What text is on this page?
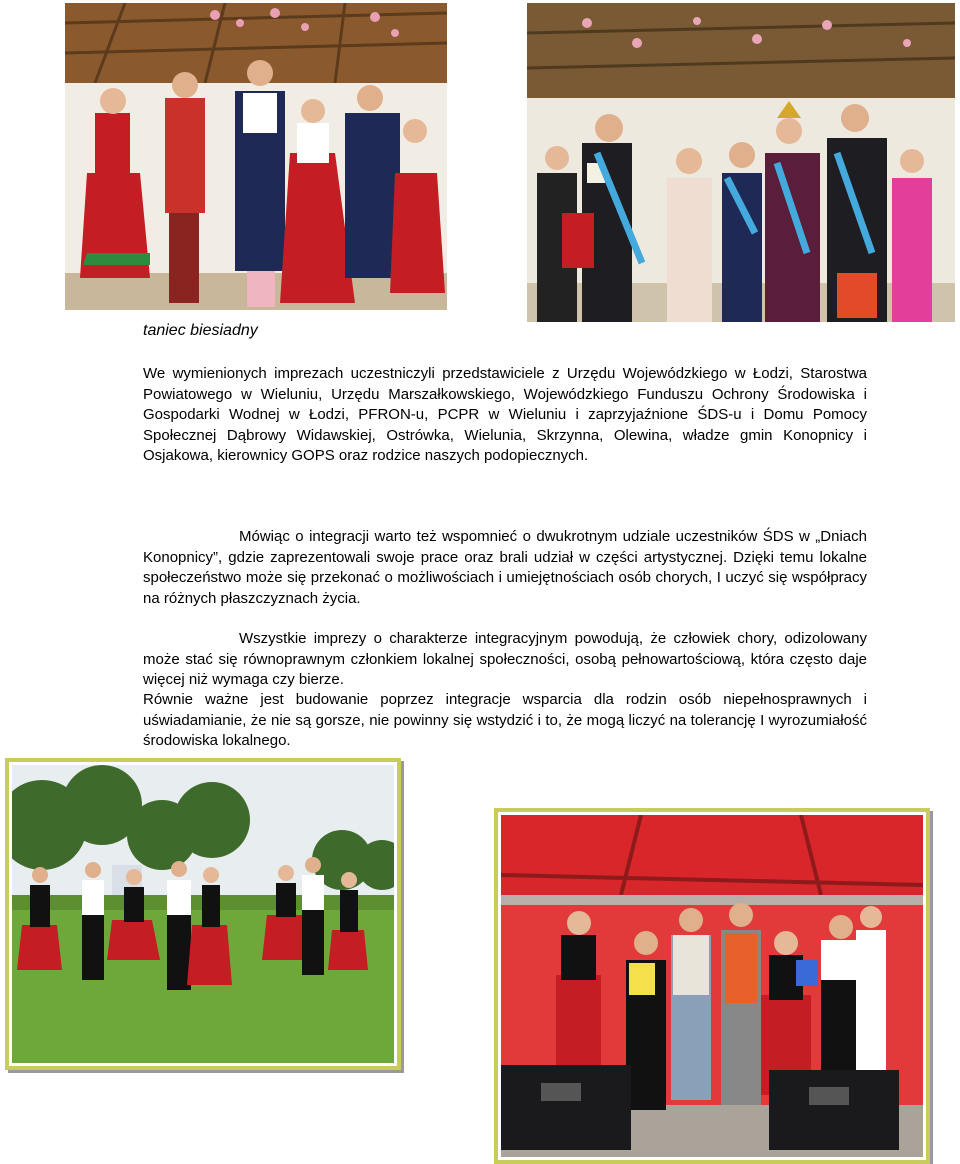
taniec biesiadny

We wymienionych imprezach uczestniczyli przedstawiciele z Urzędu Wojewódzkiego w Łodzi, Starostwa Powiatowego w Wieluniu, Urzędu Marszałkowskiego, Wojewódzkiego Funduszu Ochrony Środowiska i Gospodarki Wodnej w Łodzi, PFRON-u, PCPR w Wieluniu i zaprzyjaźnione ŚDS-u i Domu Pomocy Społecznej Dąbrowy Widawskiej, Ostrówka, Wielunia, Skrzynna, Olewina, władze gmin Konopnicy i Osjakowa, kierownicy GOPS oraz rodzice naszych podopiecznych.

Mówiąc o integracji warto też wspomnieć o dwukrotnym udziale uczestników ŚDS w „Dniach Konopnicy”, gdzie zaprezentowali swoje prace oraz brali udział w części artystycznej. Dzięki temu lokalne społeczeństwo może się przekonać o możliwościach i umiejętnościach osób chorych, I uczyć się współpracy na różnych płaszczyznach życia.

Wszystkie imprezy o charakterze integracyjnym powodują, że człowiek chory, odizolowany może stać się równoprawnym członkiem lokalnej społeczności, osobą pełnowartościową, która często daje więcej niż wymaga czy bierze.

Równie ważne jest budowanie poprzez integracje wsparcia dla rodzin osób niepełnosprawnych i uświadamianie, że nie są gorsze, nie powinny się wstydzić i to, że mogą liczyć na tolerancję I wyrozumiałość środowiska lokalnego.
